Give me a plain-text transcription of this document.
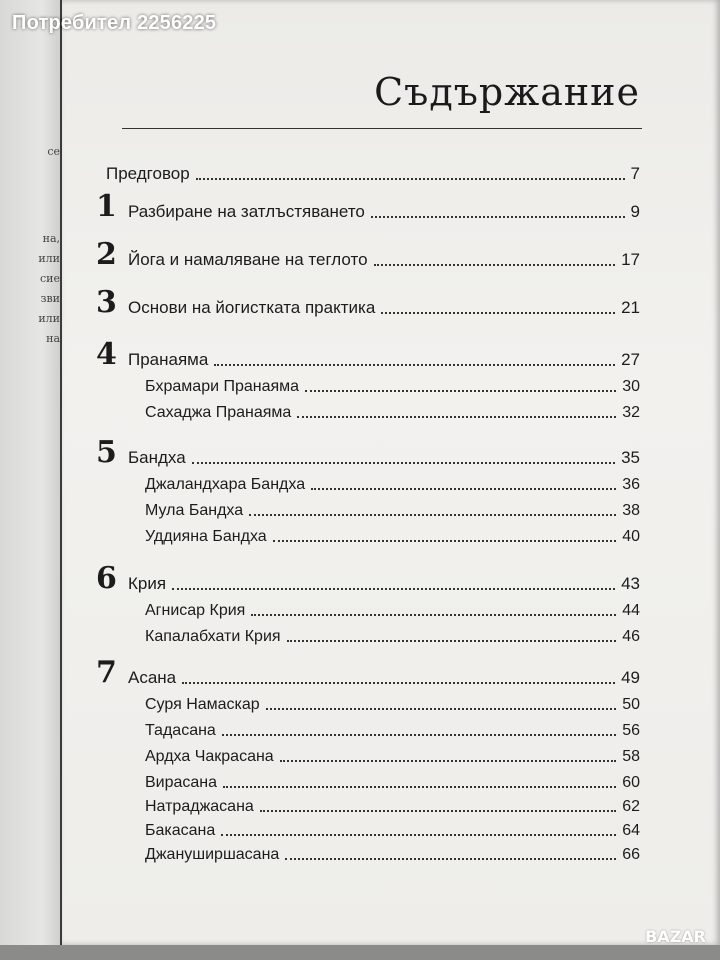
се
на,
или
сие
зви
или
на
Потребител 2256225
Съдържание
Предговор	7
1 Разбиране на затлъстяването	9
2 Йога и намаляване на теглото	17
3 Основи на йогистката практика	21
4 Пранаяма	27
Бхрамари Пранаяма	30
Сахаджа Пранаяма	32
5 Бандха	35
Джаландхара Бандха	36
Мула Бандха	38
Уддияна Бандха	40
6 Крия	43
Агнисар Крия	44
Капалабхати Крия	46
7 Асана	49
Суря Намаскар	50
Тадасана	56
Ардха Чакрасана	58
Вирасана	60
Натраджасана	62
Бакасана	64
Джануширшасана	66
BAZAR
